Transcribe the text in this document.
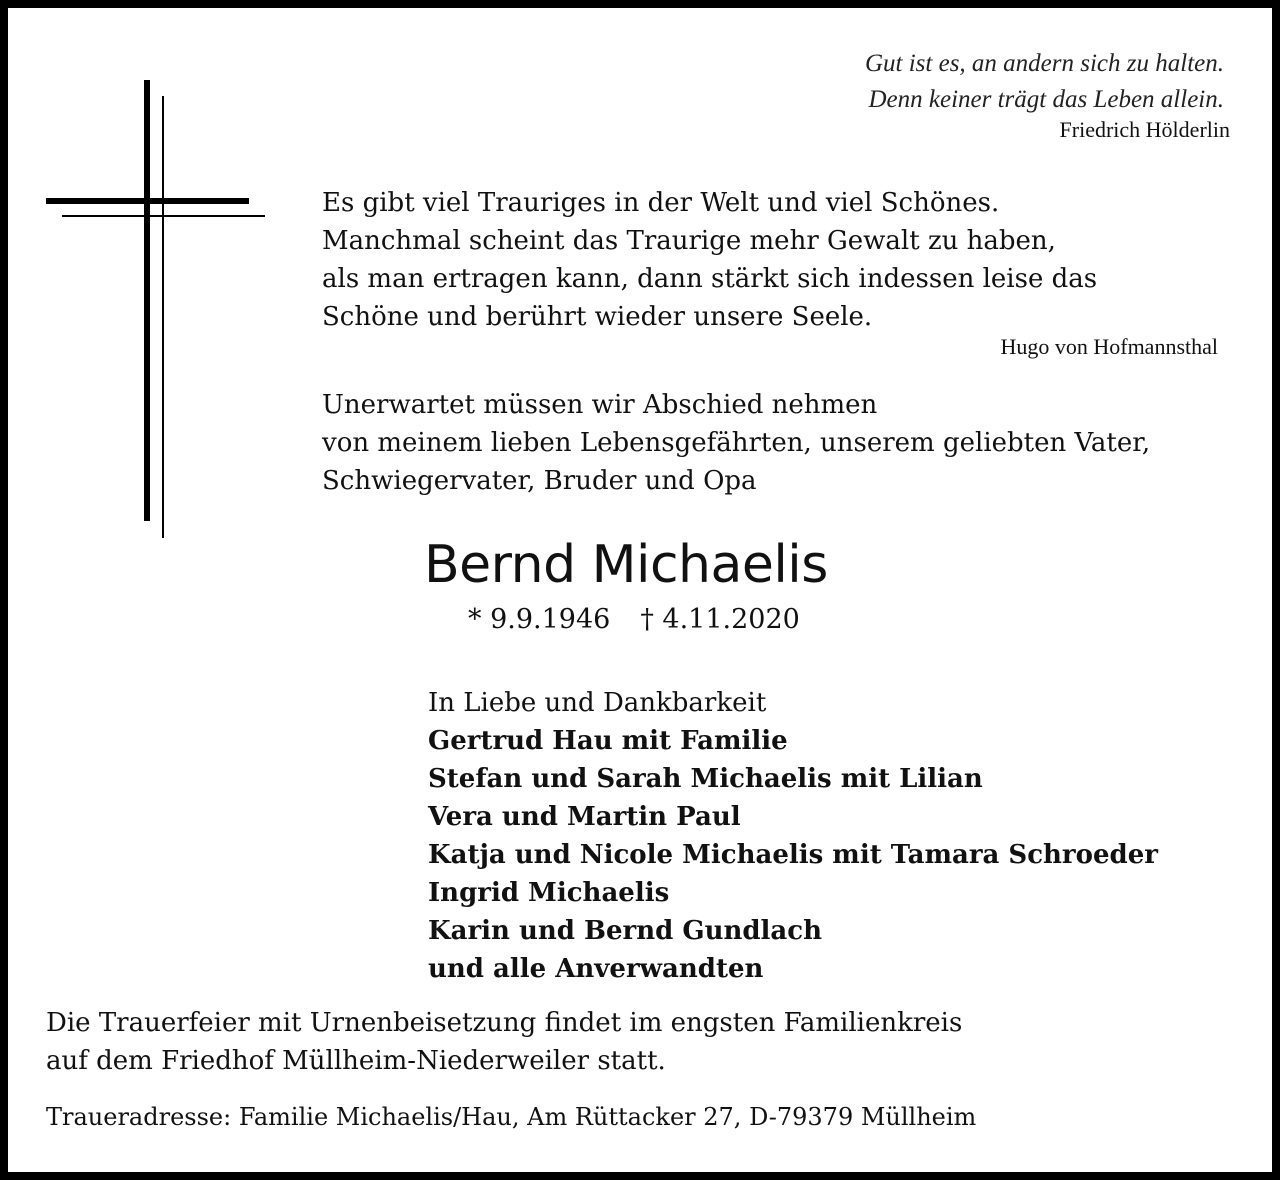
Gut ist es, an andern sich zu halten.
Denn keiner trägt das Leben allein.
Friedrich Hölderlin
Es gibt viel Trauriges in der Welt und viel Schönes.
Manchmal scheint das Traurige mehr Gewalt zu haben,
als man ertragen kann, dann stärkt sich indessen leise das
Schöne und berührt wieder unsere Seele.
Hugo von Hofmannsthal
Unerwartet müssen wir Abschied nehmen
von meinem lieben Lebensgefährten, unserem geliebten Vater,
Schwiegervater, Bruder und Opa
Bernd Michaelis
* 9.9.1946 † 4.11.2020
In Liebe und Dankbarkeit
Gertrud Hau mit Familie
Stefan und Sarah Michaelis mit Lilian
Vera und Martin Paul
Katja und Nicole Michaelis mit Tamara Schroeder
Ingrid Michaelis
Karin und Bernd Gundlach
und alle Anverwandten
Die Trauerfeier mit Urnenbeisetzung findet im engsten Familienkreis
auf dem Friedhof Müllheim-Niederweiler statt.
Traueradresse: Familie Michaelis/Hau, Am Rüttacker 27, D-79379 Müllheim
